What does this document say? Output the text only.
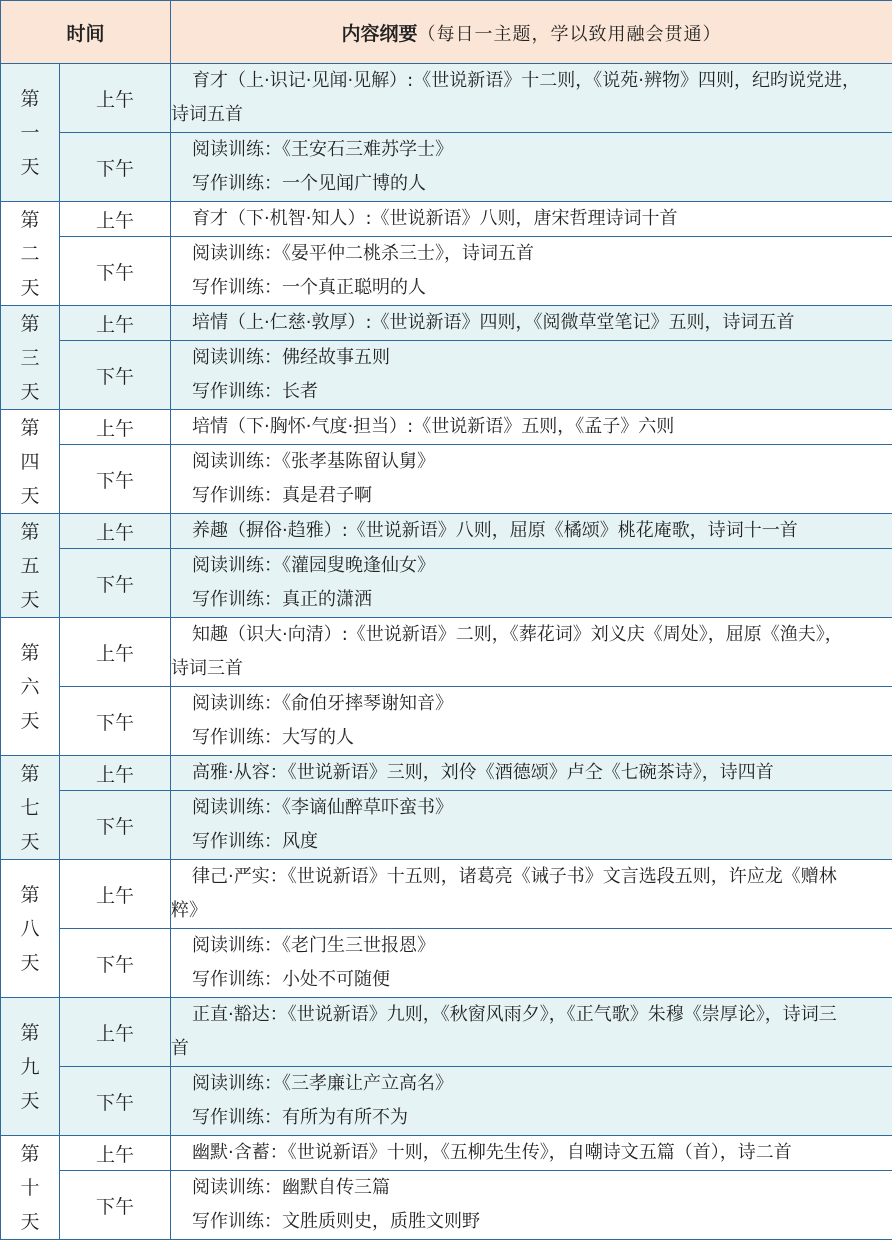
时间		内容纲要（每日一主题，学以致用融会贯通）
第一天	上午	育才（上·识记·见闻·见解）:《世说新语》十二则，《说苑·辨物》四则，纪昀说党进，
诗词五首

	下午	阅读训练：《王安石三难苏学士》
写作训练：一个见闻广博的人

第二天	上午	育才（下·机智·知人）:《世说新语》八则，唐宋哲理诗词十首

	下午	阅读训练：《晏平仲二桃杀三士》，诗词五首
写作训练：一个真正聪明的人

第三天	上午	培情（上·仁慈·敦厚）:《世说新语》四则，《阅微草堂笔记》五则，诗词五首

	下午	阅读训练：佛经故事五则
写作训练：长者

第四天	上午	培情（下·胸怀·气度·担当）:《世说新语》五则，《孟子》六则

	下午	阅读训练：《张孝基陈留认舅》
写作训练：真是君子啊

第五天	上午	养趣（摒俗·趋雅）:《世说新语》八则，屈原《橘颂》桃花庵歌，诗词十一首

	下午	阅读训练：《灌园叟晚逢仙女》
写作训练：真正的潇洒

第六天	上午	知趣（识大·向清）:《世说新语》二则，《葬花词》刘义庆《周处》，屈原《渔夫》，
诗词三首

	下午	阅读训练：《俞伯牙摔琴谢知音》
写作训练：大写的人

第七天	上午	高雅·从容：《世说新语》三则，刘伶《酒德颂》卢仝《七碗茶诗》，诗四首

	下午	阅读训练：《李谪仙醉草吓蛮书》
写作训练：风度

第八天	上午	律己·严实：《世说新语》十五则，诸葛亮《诫子书》文言选段五则，许应龙《赠林
粹》

	下午	阅读训练：《老门生三世报恩》
写作训练：小处不可随便

第九天	上午	正直·豁达：《世说新语》九则，《秋窗风雨夕》，《正气歌》朱穆《崇厚论》，诗词三
首

	下午	阅读训练：《三孝廉让产立高名》
写作训练：有所为有所不为

第十天	上午	幽默·含蓄：《世说新语》十则，《五柳先生传》，自嘲诗文五篇（首），诗二首

	下午	阅读训练：幽默自传三篇
写作训练：文胜质则史，质胜文则野
